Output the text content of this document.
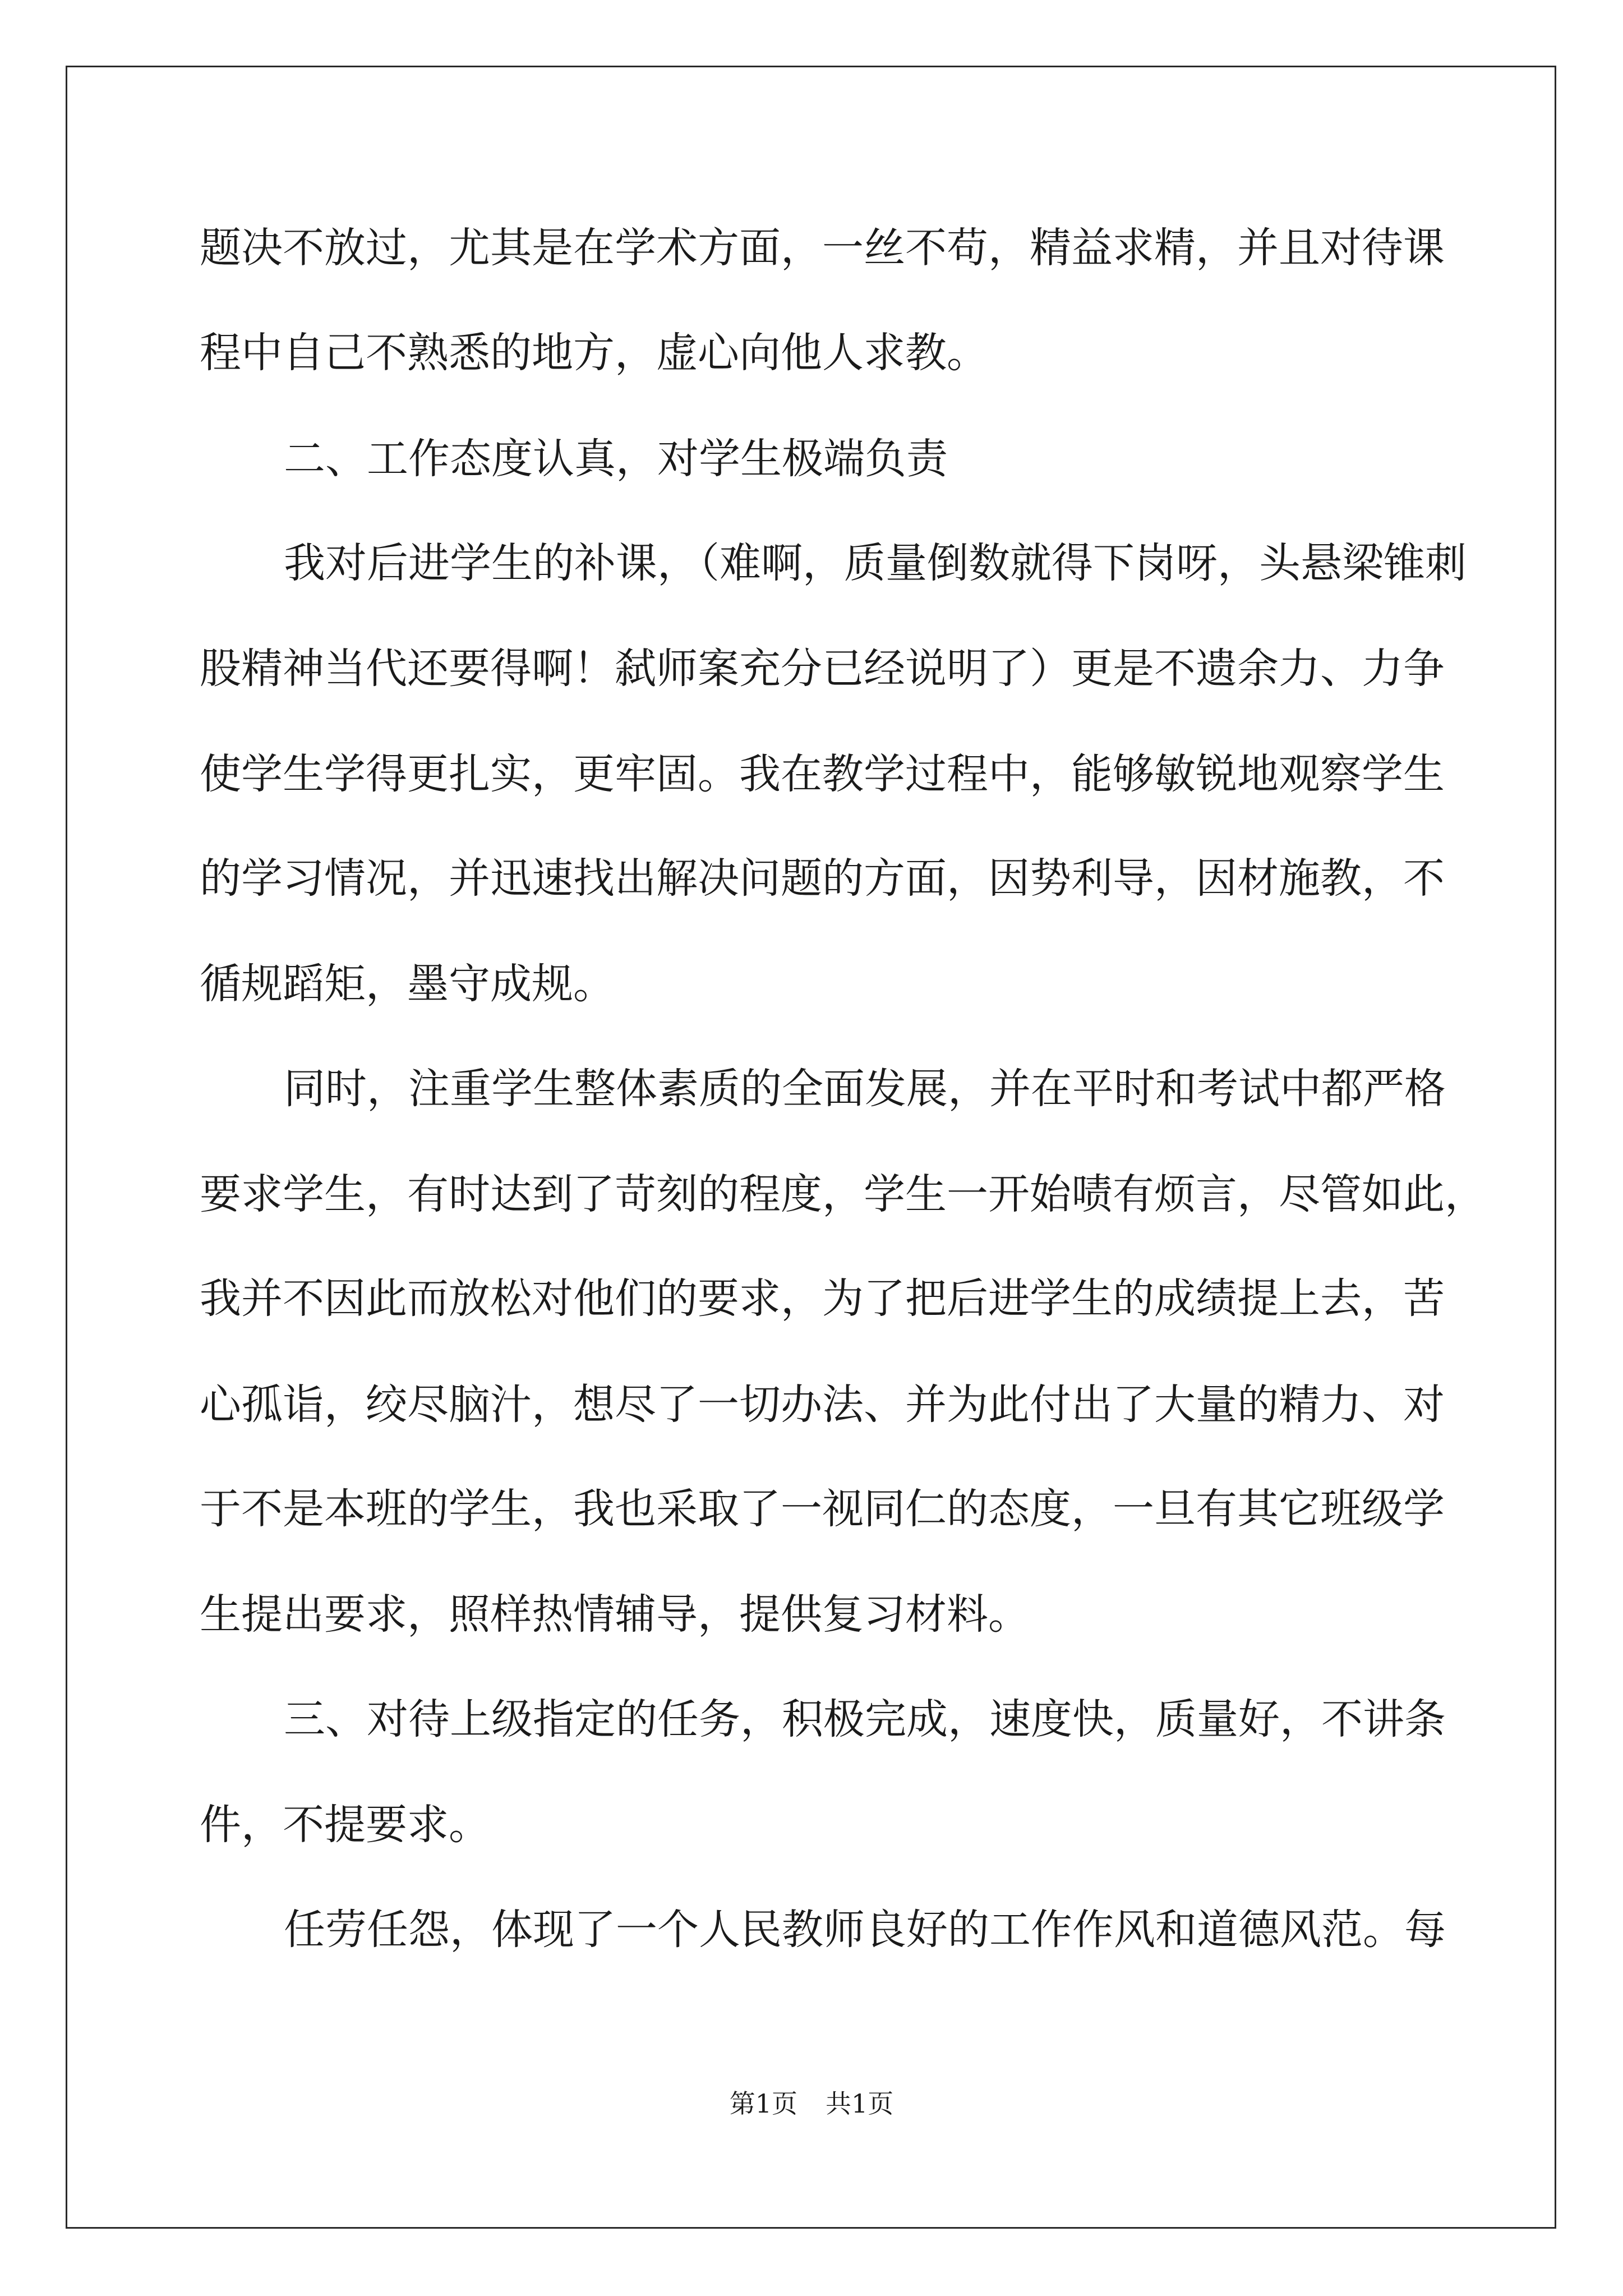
题决不放过，尤其是在学术方面，一丝不苟，精益求精，并且对待课
程中自己不熟悉的地方，虚心向他人求教。
二、工作态度认真，对学生极端负责
我对后进学生的补课，（难啊，质量倒数就得下岗呀，头悬梁锥刺
股精神当代还要得啊！弑师案充分已经说明了）更是不遗余力、力争
使学生学得更扎实，更牢固。我在教学过程中，能够敏锐地观察学生
的学习情况，并迅速找出解决问题的方面，因势利导，因材施教，不
循规蹈矩，墨守成规。
同时，注重学生整体素质的全面发展，并在平时和考试中都严格
要求学生，有时达到了苛刻的程度，学生一开始啧有烦言，尽管如此，
我并不因此而放松对他们的要求，为了把后进学生的成绩提上去，苦
心孤诣，绞尽脑汁，想尽了一切办法、并为此付出了大量的精力、对
于不是本班的学生，我也采取了一视同仁的态度，一旦有其它班级学
生提出要求，照样热情辅导，提供复习材料。
三、对待上级指定的任务，积极完成，速度快，质量好，不讲条
件，不提要求。
任劳任怨，体现了一个人民教师良好的工作作风和道德风范。每
第1页 共1页
